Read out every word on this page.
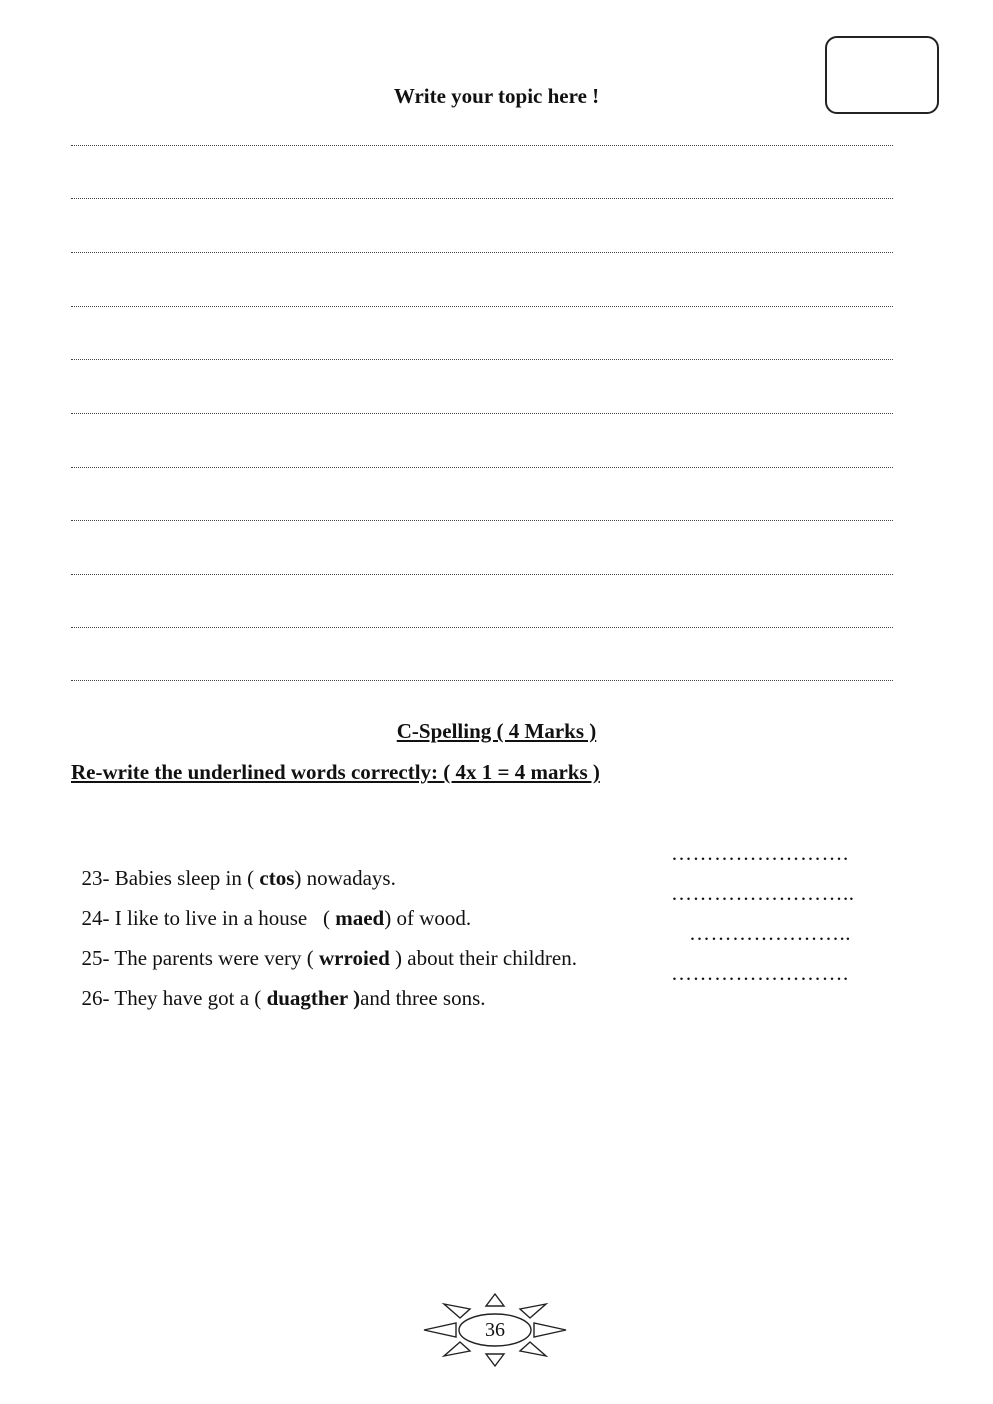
Write your topic here !
C-Spelling ( 4 Marks )
Re-write the underlined words correctly: ( 4x 1 = 4 marks )

23- Babies sleep in ( ctos) nowadays.

…………………….

24- I like to live in a house   ( maed) of wood.

……………………..

25- The parents were very ( wrroied ) about their children.

…………………..

26- They have got a ( duagther )and three sons.

…………………….
36
